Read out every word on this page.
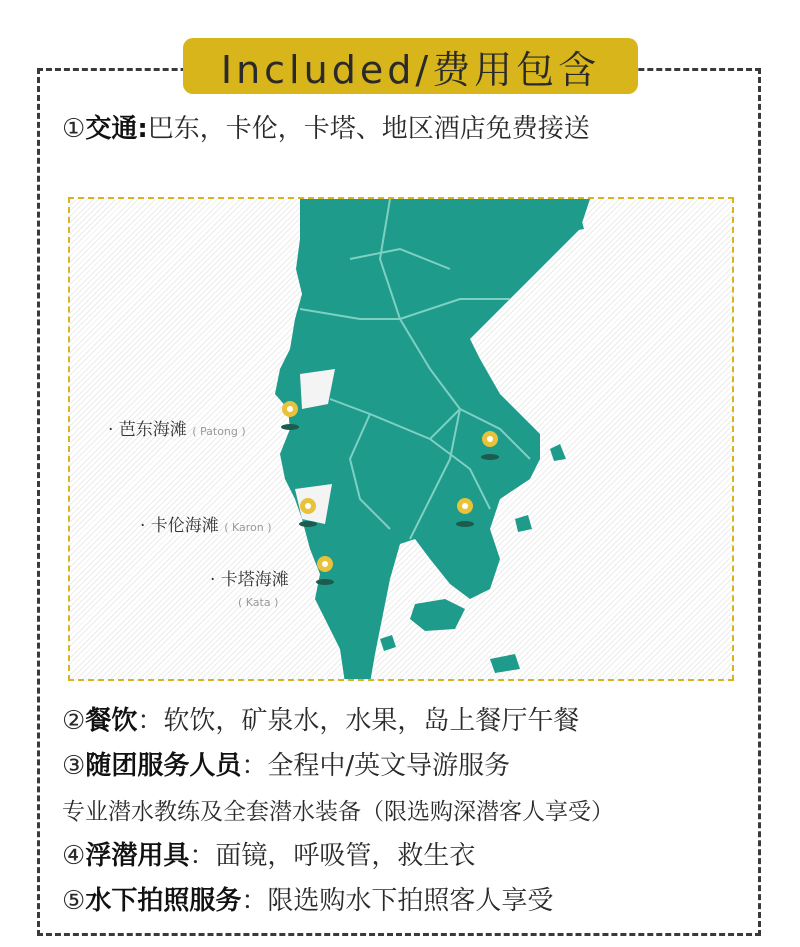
Included/费用包含
①交通:巴东，卡伦，卡塔、地区酒店免费接送
· 芭东海滩 ( Patong )
· 卡伦海滩 ( Karon )
· 卡塔海滩
( Kata )
②餐饮：软饮，矿泉水，水果，岛上餐厅午餐
③随团服务人员：全程中/英文导游服务
专业潜水教练及全套潜水装备（限选购深潜客人享受）
④浮潜用具：面镜，呼吸管，救生衣
⑤水下拍照服务：限选购水下拍照客人享受
